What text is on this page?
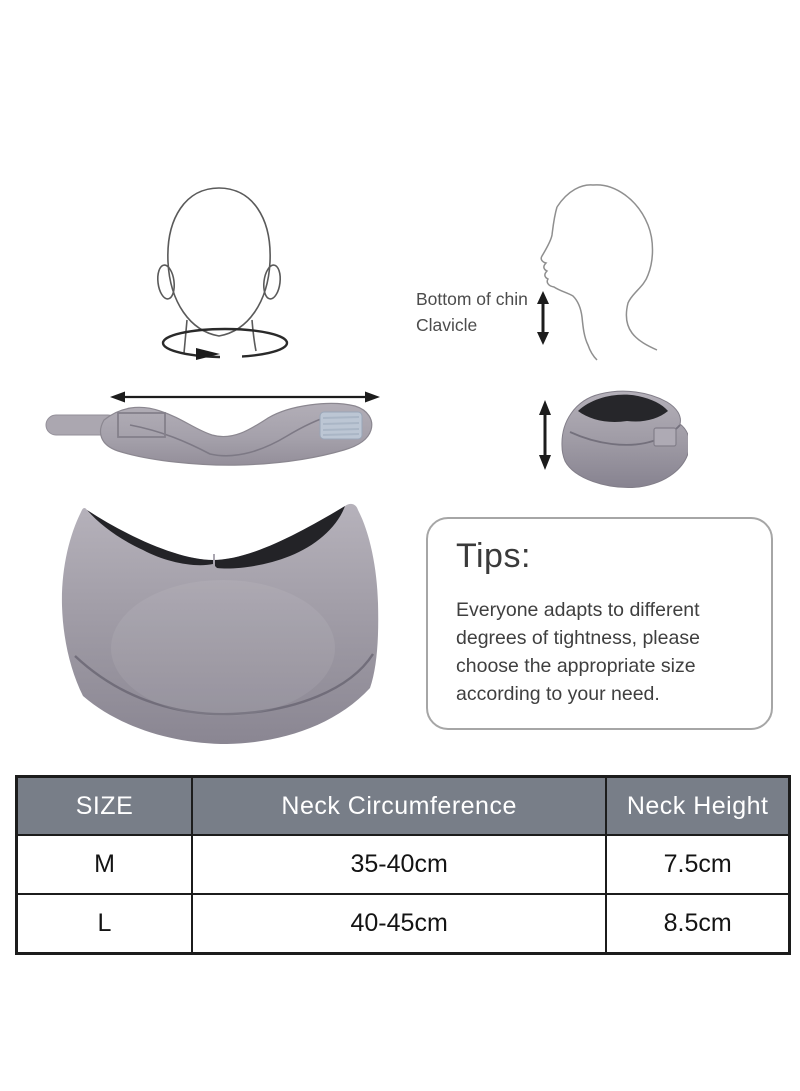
Bottom of chin
Clavicle
Tips:
Everyone adapts to different degrees of tightness, please choose the appropriate size according to your need.
SIZE	Neck Circumference	Neck Height
M	35-40cm	7.5cm
L	40-45cm	8.5cm
